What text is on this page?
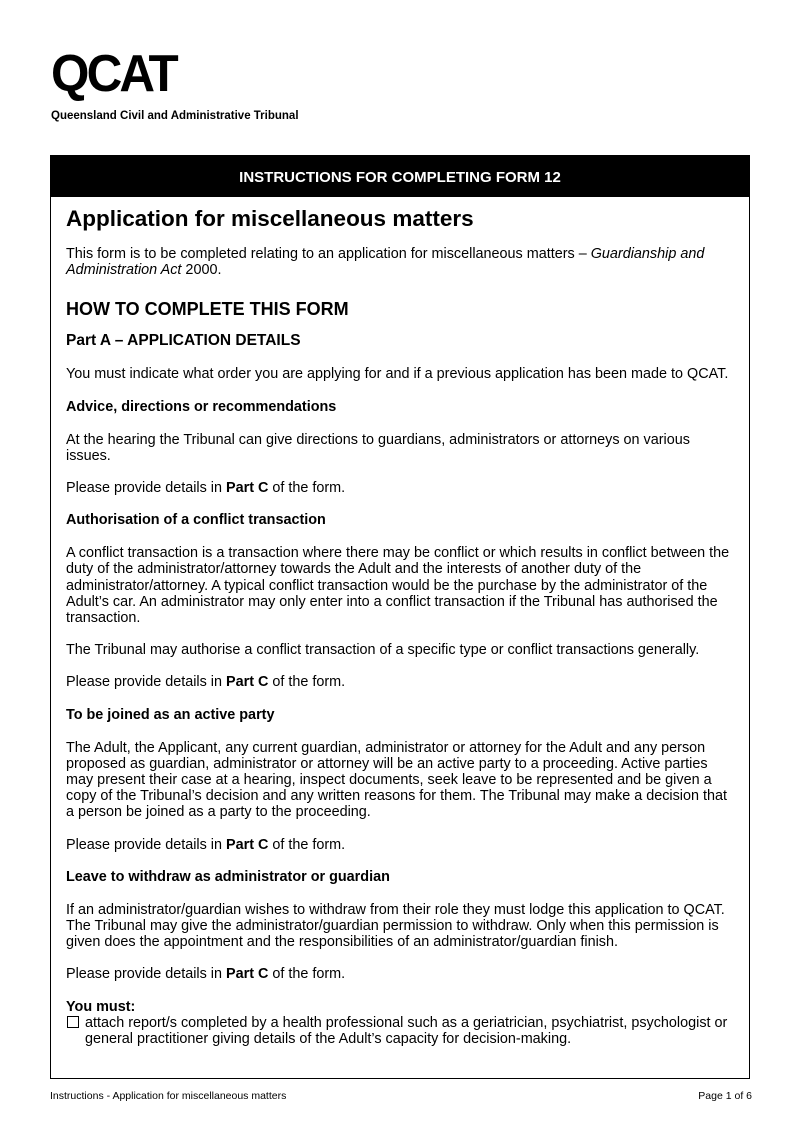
QCAT
Queensland Civil and Administrative Tribunal
INSTRUCTIONS FOR COMPLETING FORM 12
Application for miscellaneous matters

This form is to be completed relating to an application for miscellaneous matters – Guardianship and Administration Act 2000.

HOW TO COMPLETE THIS FORM
Part A – APPLICATION DETAILS

You must indicate what order you are applying for and if a previous application has been made to QCAT.

Advice, directions or recommendations

At the hearing the Tribunal can give directions to guardians, administrators or attorneys on various issues.

Please provide details in Part C of the form.

Authorisation of a conflict transaction

A conflict transaction is a transaction where there may be conflict or which results in conflict between the duty of the administrator/attorney towards the Adult and the interests of another duty of the administrator/attorney. A typical conflict transaction would be the purchase by the administrator of the Adult’s car. An administrator may only enter into a conflict transaction if the Tribunal has authorised the transaction.

The Tribunal may authorise a conflict transaction of a specific type or conflict transactions generally.

Please provide details in Part C of the form.

To be joined as an active party

The Adult, the Applicant, any current guardian, administrator or attorney for the Adult and any person proposed as guardian, administrator or attorney will be an active party to a proceeding. Active parties may present their case at a hearing, inspect documents, seek leave to be represented and be given a copy of the Tribunal’s decision and any written reasons for them. The Tribunal may make a decision that a person be joined as a party to the proceeding.

Please provide details in Part C of the form.

Leave to withdraw as administrator or guardian

If an administrator/guardian wishes to withdraw from their role they must lodge this application to QCAT. The Tribunal may give the administrator/guardian permission to withdraw. Only when this permission is given does the appointment and the responsibilities of an administrator/guardian finish.

Please provide details in Part C of the form.

You must:

attach report/s completed by a health professional such as a geriatrician, psychiatrist, psychologist or general practitioner giving details of the Adult’s capacity for decision-making.
Instructions - Application for miscellaneous matters	Page 1 of 6
